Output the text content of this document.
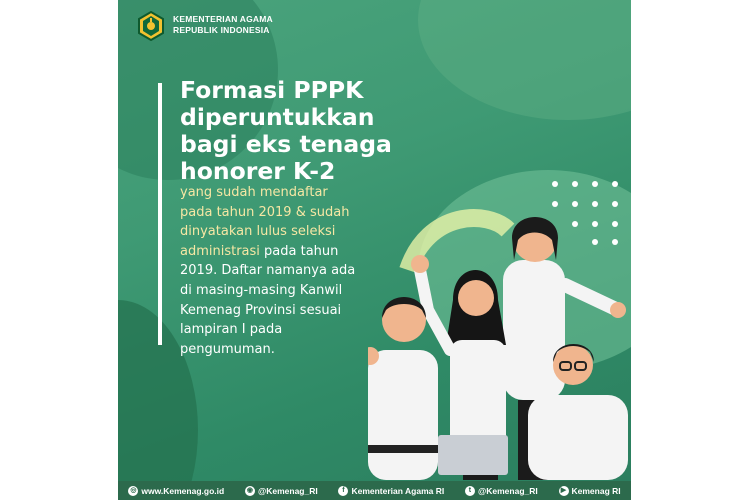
KEMENTERIAN AGAMA
REPUBLIK INDONESIA
Formasi PPPK
diperuntukkan
bagi eks tenaga
honorer K-2
yang sudah mendaftar
pada tahun 2019 & sudah
dinyatakan lulus seleksi
administrasi pada tahun
2019. Daftar namanya ada
di masing-masing Kanwil
Kemenag Provinsi sesuai
lampiran I pada
pengumuman.
◎ www.Kemenag.go.id	◉ @Kemenag_RI	f Kementerian Agama RI	t @Kemenag_RI	▶ Kemenag RI
